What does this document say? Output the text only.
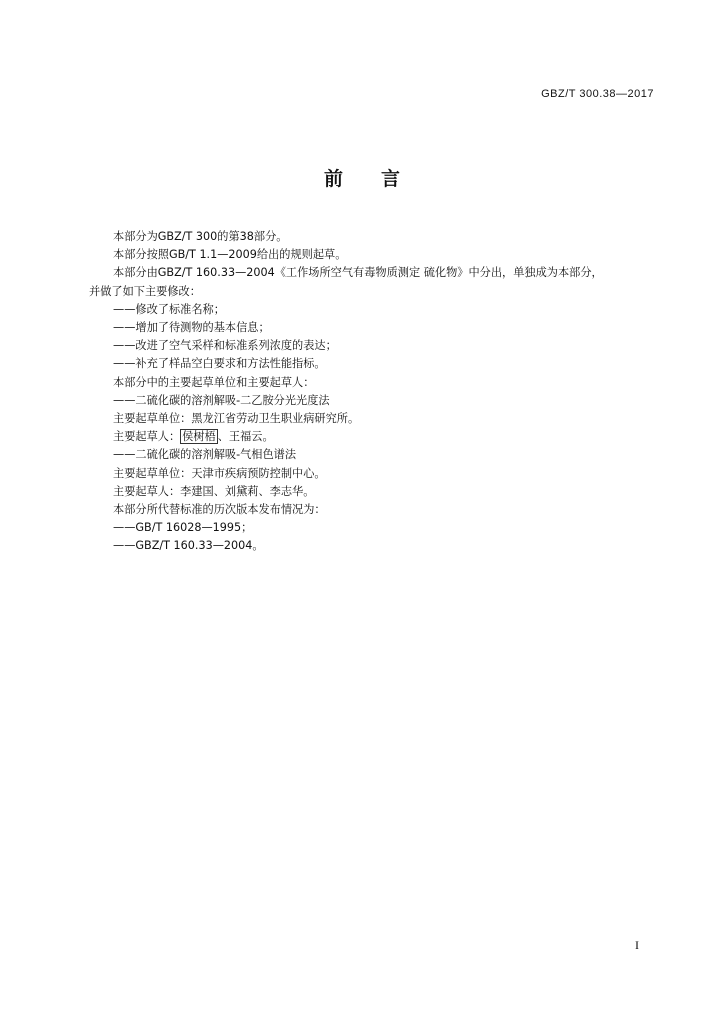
GBZ/T 300.38—2017
前言

本部分为GBZ/T 300的第38部分。

本部分按照GB/T 1.1—2009给出的规则起草。

本部分由GBZ/T 160.33—2004《工作场所空气有毒物质测定 硫化物》中分出，单独成为本部分，

并做了如下主要修改：

——修改了标准名称；

——增加了待测物的基本信息；

——改进了空气采样和标准系列浓度的表达；

——补充了样品空白要求和方法性能指标。

本部分中的主要起草单位和主要起草人：

——二硫化碳的溶剂解吸-二乙胺分光光度法

主要起草单位：黑龙江省劳动卫生职业病研究所。

主要起草人： 侯树梧 、王福云。

——二硫化碳的溶剂解吸-气相色谱法

主要起草单位：天津市疾病预防控制中心。

主要起草人：李建国、刘黛莉、李志华。

本部分所代替标准的历次版本发布情况为：

——GB/T 16028—1995；

——GBZ/T 160.33—2004。

I
